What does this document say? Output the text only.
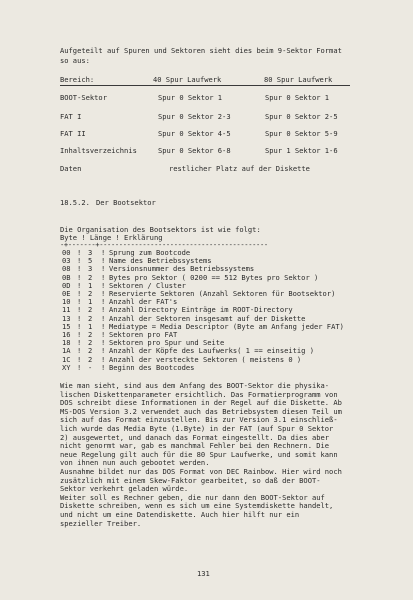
Aufgeteilt auf Spuren und Sektoren sieht dies beim 9-Sektor Format
so aus:
Bereich:	40 Spur Laufwerk	80 Spur Laufwerk
BOOT-Sektor	Spur 0 Sektor 1	Spur 0 Sektor 1
FAT I	Spur 0 Sektor 2-3	Spur 0 Sektor 2-5
FAT II	Spur 0 Sektor 4-5	Spur 0 Sektor 5-9
Inhaltsverzeichnis	Spur 0 Sektor 6-8	Spur 1 Sektor 1-6
Daten	restlicher Platz auf der Diskette
18.5.2. Der Bootsektor
Die Organisation des Bootsektors ist wie folgt:
Byte ! Länge ! Erklärung
-+-------+-------------------------------------------
00 ! 3 ! Sprung zum Bootcode
03 ! 5 ! Name des Betriebssystems
08 ! 3 ! Versionsnummer des Betriebssystems
0B ! 2 ! Bytes pro Sektor ( 0200 == 512 Bytes pro Sektor )
0D ! 1 ! Sektoren / Cluster
0E ! 2 ! Reservierte Sektoren (Anzahl Sektoren für Bootsektor)
10 ! 1 ! Anzahl der FAT's
11 ! 2 ! Anzahl Directory Einträge im ROOT-Directory
13 ! 2 ! Anzahl der Sektoren insgesamt auf der Diskette
15 ! 1 ! Mediatype = Media Descriptor (Byte am Anfang jeder FAT)
16 ! 2 ! Sektoren pro FAT
18 ! 2 ! Sektoren pro Spur und Seite
1A ! 2 ! Anzahl der Köpfe des Laufwerks( 1 == einseitig )
1C ! 2 ! Anzahl der versteckte Sektoren ( meistens 0 )
XY ! - ! Beginn des Bootcodes
Wie man sieht, sind aus dem Anfang des BOOT-Sektor die physika-
lischen Diskettenparameter ersichtlich. Das Formatierprogramm von
DOS schreibt diese Informationen in der Regel auf die Diskette. Ab
MS-DOS Version 3.2 verwendet auch das Betriebsystem diesen Teil um
sich auf das Format einzustellen. Bis zur Version 3.1 einschließ-
lich wurde das Media Byte (1.Byte) in der FAT (auf Spur 0 Sektor
2) ausgewertet, und danach das Format eingestellt. Da dies aber
nicht genormt war, gab es manchmal Fehler bei den Rechnern. Die
neue Regelung gilt auch für die 80 Spur Laufwerke, und somit kann
von ihnen nun auch gebootet werden.
Ausnahme bildet nur das DOS Format von DEC Rainbow. Hier wird noch
zusätzlich mit einem Skew-Faktor gearbeitet, so daß der BOOT-
Sektor verkehrt geladen würde.
Weiter soll es Rechner geben, die nur dann den BOOT-Sektor auf
Diskette schreiben, wenn es sich um eine Systemdiskette handelt,
und nicht um eine Datendiskette. Auch hier hilft nur ein
spezieller Treiber.
131
